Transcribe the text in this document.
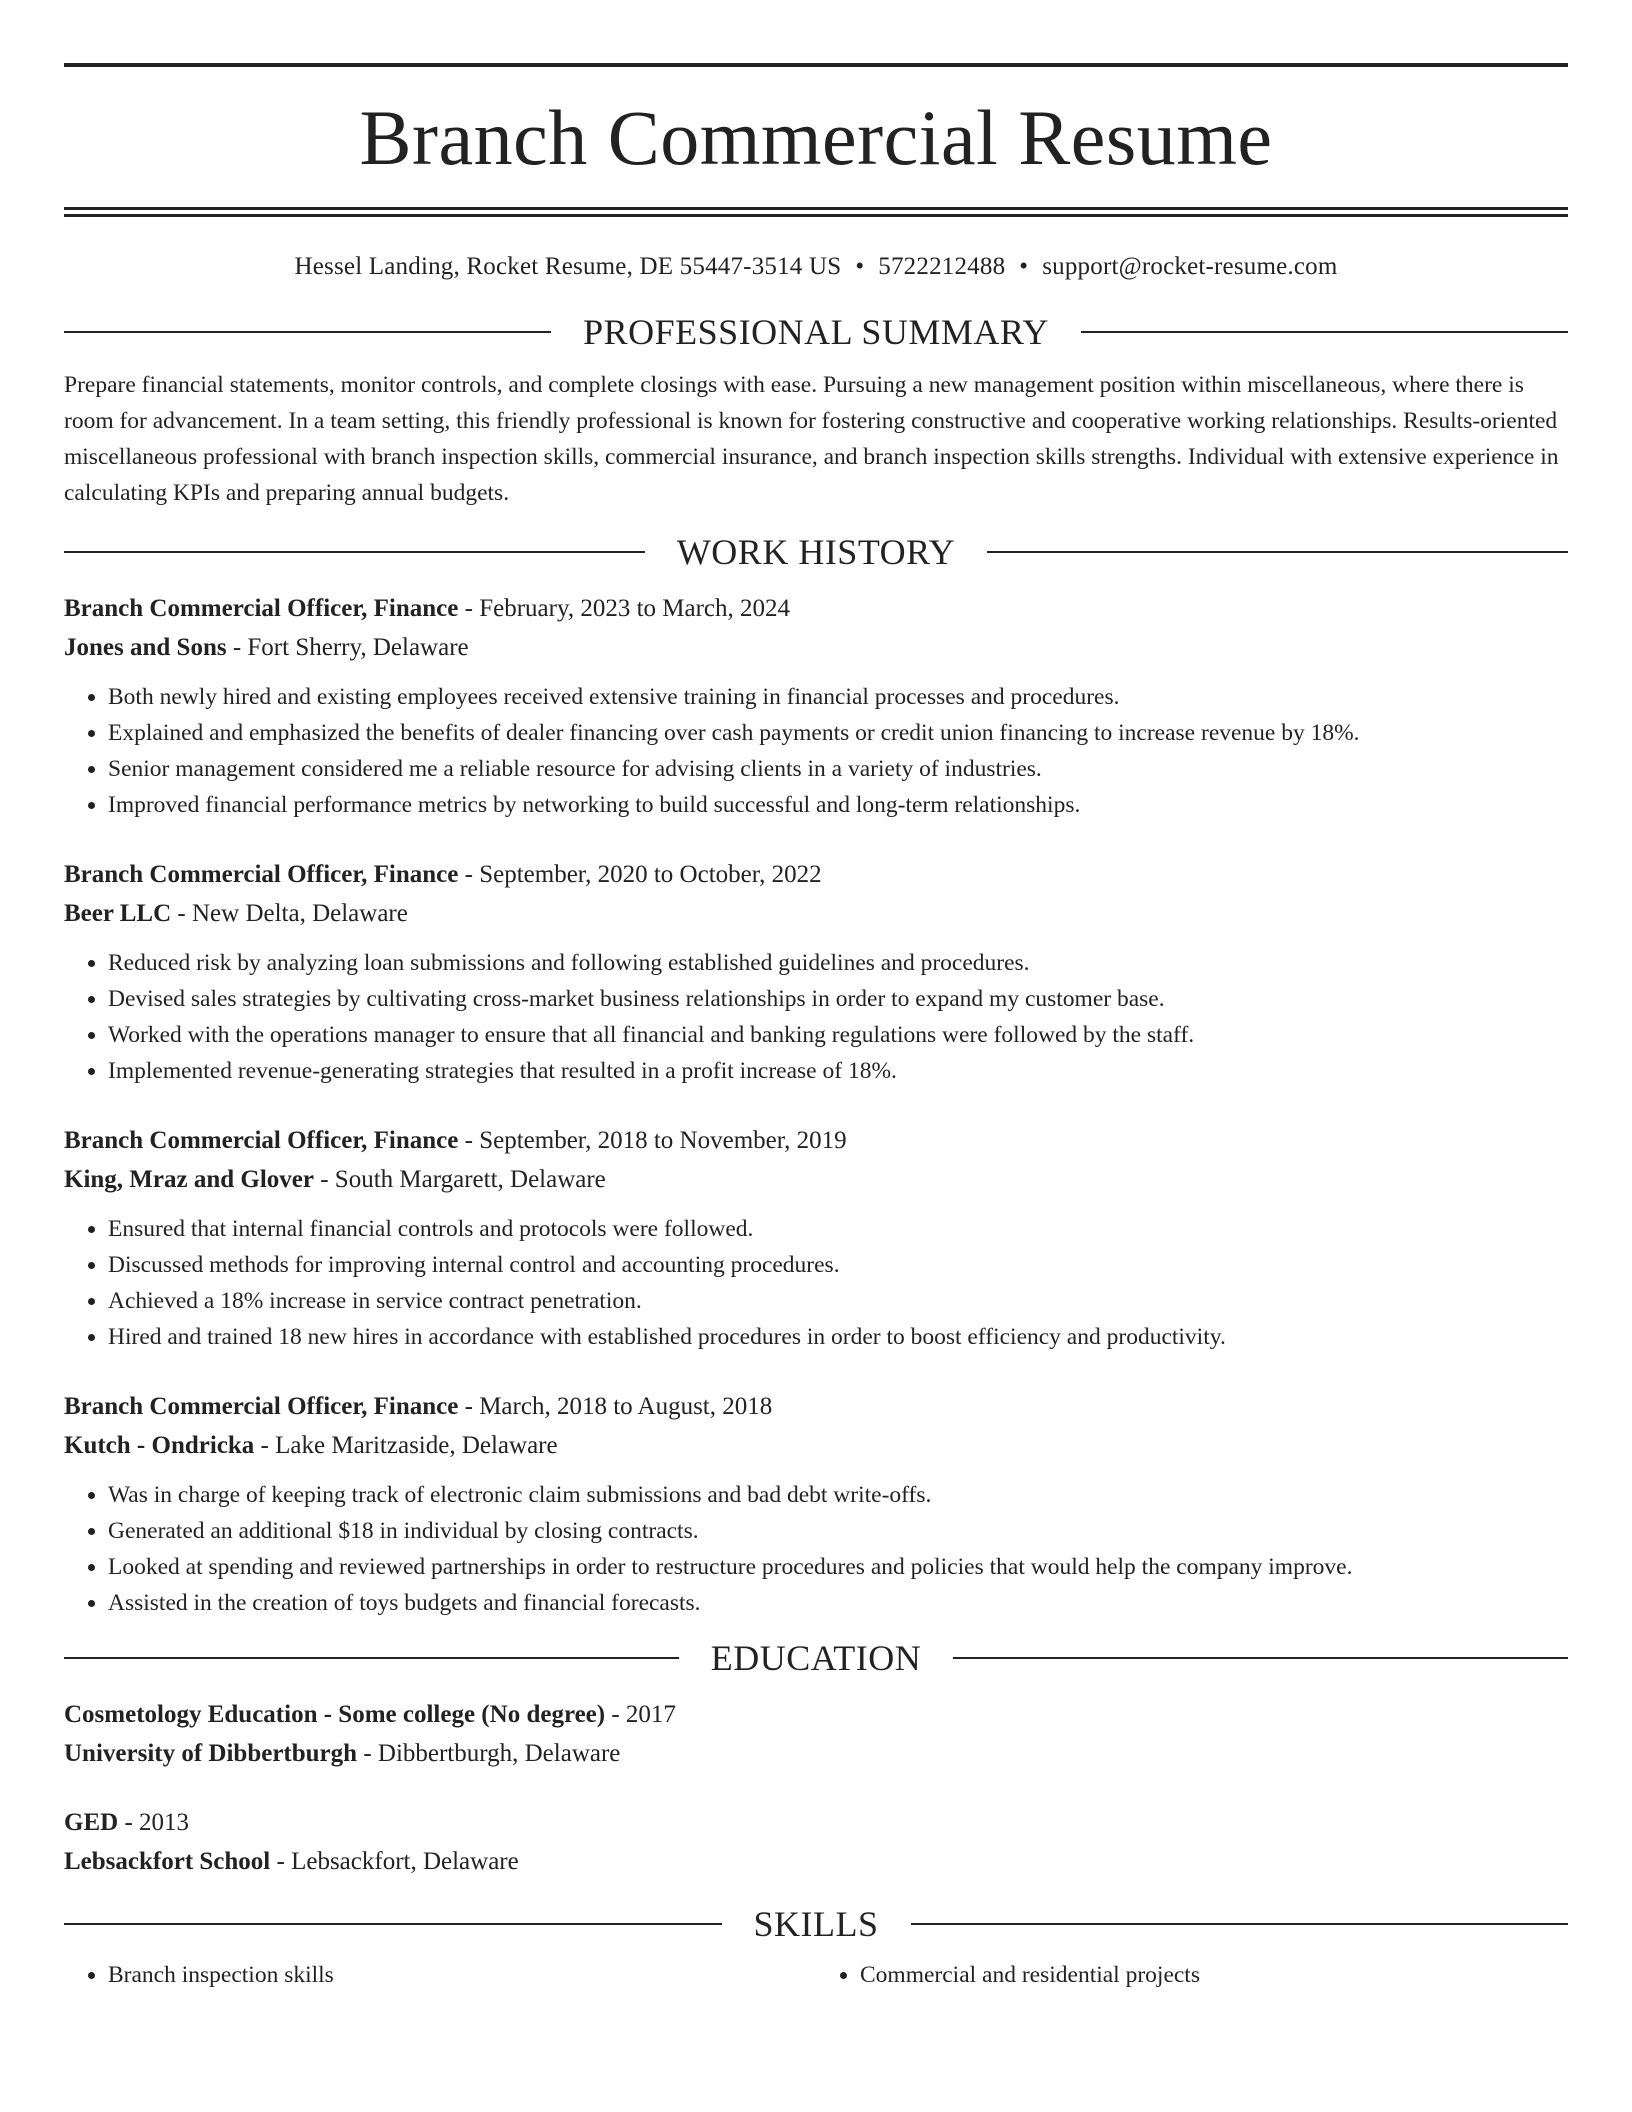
Branch Commercial Resume
Hessel Landing, Rocket Resume, DE 55447-3514 US • 5722212488 • support@rocket-resume.com
PROFESSIONAL SUMMARY

Prepare financial statements, monitor controls, and complete closings with ease. Pursuing a new management position within miscellaneous, where there is room for advancement. In a team setting, this friendly professional is known for fostering constructive and cooperative working relationships. Results-oriented miscellaneous professional with branch inspection skills, commercial insurance, and branch inspection skills strengths. Individual with extensive experience in calculating KPIs and preparing annual budgets.

WORK HISTORY
Branch Commercial Officer, Finance - February, 2023 to March, 2024
Jones and Sons - Fort Sherry, Delaware
• Both newly hired and existing employees received extensive training in financial processes and procedures.
• Explained and emphasized the benefits of dealer financing over cash payments or credit union financing to increase revenue by 18%.
• Senior management considered me a reliable resource for advising clients in a variety of industries.
• Improved financial performance metrics by networking to build successful and long-term relationships.
Branch Commercial Officer, Finance - September, 2020 to October, 2022
Beer LLC - New Delta, Delaware
• Reduced risk by analyzing loan submissions and following established guidelines and procedures.
• Devised sales strategies by cultivating cross-market business relationships in order to expand my customer base.
• Worked with the operations manager to ensure that all financial and banking regulations were followed by the staff.
• Implemented revenue-generating strategies that resulted in a profit increase of 18%.
Branch Commercial Officer, Finance - September, 2018 to November, 2019
King, Mraz and Glover - South Margarett, Delaware
• Ensured that internal financial controls and protocols were followed.
• Discussed methods for improving internal control and accounting procedures.
• Achieved a 18% increase in service contract penetration.
• Hired and trained 18 new hires in accordance with established procedures in order to boost efficiency and productivity.
Branch Commercial Officer, Finance - March, 2018 to August, 2018
Kutch - Ondricka - Lake Maritzaside, Delaware
• Was in charge of keeping track of electronic claim submissions and bad debt write-offs.
• Generated an additional $18 in individual by closing contracts.
• Looked at spending and reviewed partnerships in order to restructure procedures and policies that would help the company improve.
• Assisted in the creation of toys budgets and financial forecasts.
EDUCATION
Cosmetology Education - Some college (No degree) - 2017
University of Dibbertburgh - Dibbertburgh, Delaware
GED - 2013
Lebsackfort School - Lebsackfort, Delaware
SKILLS
• Branch inspection skills
•	Commercial and residential projects
